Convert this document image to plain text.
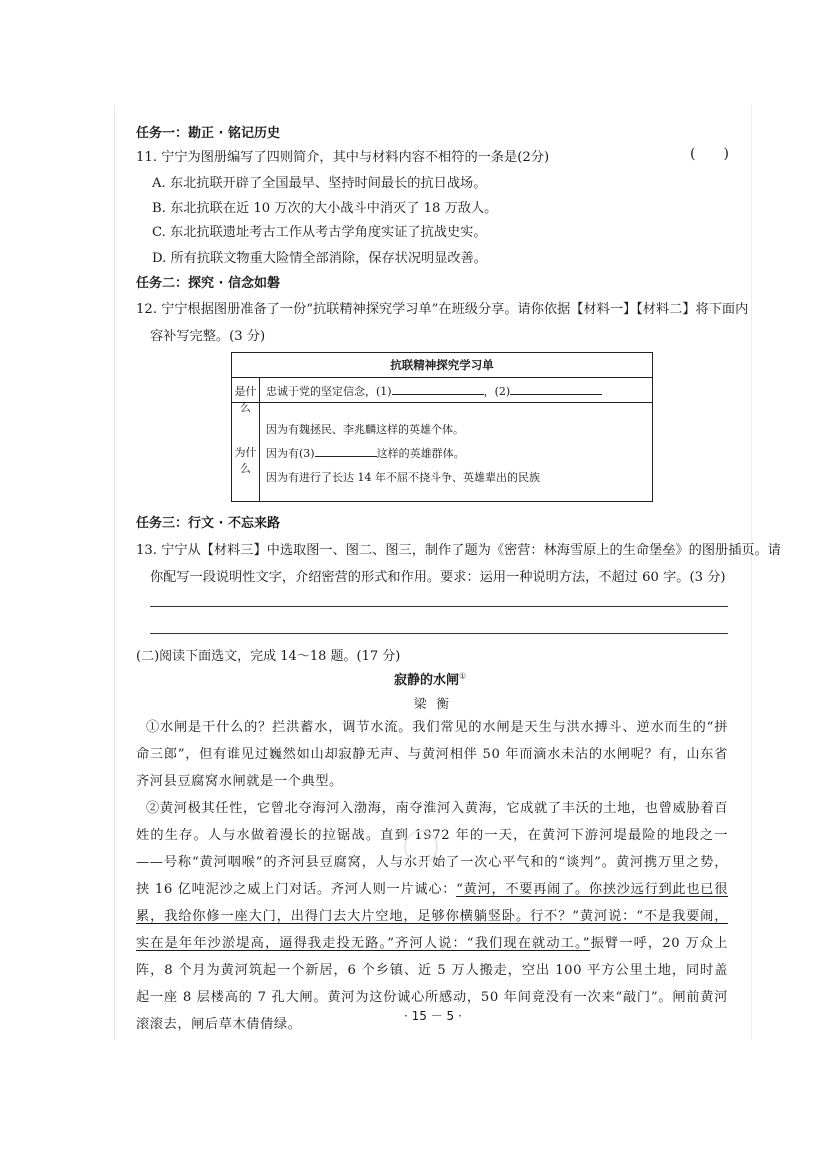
任务一：勘正 · 铭记历史
11. 宁宁为图册编写了四则简介，其中与材料内容不相符的一条是(2分)	(　　)
A. 东北抗联开辟了全国最早、坚持时间最长的抗日战场。
B. 东北抗联在近 10 万次的大小战斗中消灭了 18 万敌人。
C. 东北抗联遗址考古工作从考古学角度实证了抗战史实。
D. 所有抗联文物重大险情全部消除，保存状况明显改善。
任务二：探究 · 信念如磐
12. 宁宁根据图册准备了一份“抗联精神探究学习单”在班级分享。请你依据【材料一】【材料二】将下面内
容补写完整。(3 分)
抗联精神探究学习单
是什么
忠诚于党的坚定信念，(1)	，(2)
为什么
因为有魏拯民、李兆麟这样的英雄个体。
因为有(3)	这样的英雄群体。
因为有进行了长达 14 年不屈不挠斗争、英雄辈出的民族
任务三：行文 · 不忘来路
13. 宁宁从【材料三】中选取图一、图二、图三，制作了题为《密营：林海雪原上的生命堡垒》的图册插页。请
你配写一段说明性文字，介绍密营的形式和作用。要求：运用一种说明方法，不超过 60 字。(3 分)
(二)阅读下面选文，完成 14～18 题。(17 分)
寂静的水闸①
梁衡

①水闸是干什么的？拦洪蓄水，调节水流。我们常见的水闸是天生与洪水搏斗、逆水而生的“拼命三郎”，但有谁见过巍然如山却寂静无声、与黄河相伴 50 年而滴水未沾的水闸呢？有，山东省齐河县豆腐窝水闸就是一个典型。

②黄河极其任性，它曾北夺海河入渤海，南夺淮河入黄海，它成就了丰沃的土地，也曾威胁着百姓的生存。人与水做着漫长的拉锯战。直到 1972 年的一天，在黄河下游河堤最险的地段之一——号称“黄河咽喉”的齐河县豆腐窝，人与水开始了一次心平气和的“谈判”。黄河携万里之势，挟 16 亿吨泥沙之威上门对话。齐河人则一片诚心：“黄河，不要再闹了。你挟沙远行到此也已很累，我给你修一座大门，出得门去大片空地，足够你横躺竖卧。行不？”黄河说：“不是我要闹，实在是年年沙淤堤高，逼得我走投无路。”齐河人说：“我们现在就动工。”振臂一呼，20 万众上阵，8 个月为黄河筑起一个新居，6 个乡镇、近 5 万人搬走，空出 100 平方公里土地，同时盖起一座 8 层楼高的 7 孔大闸。黄河为这份诚心所感动，50 年间竟没有一次来“敲门”。闸前黄河滚滚去，闸后草木倩倩绿。

· 15 － 5 ·
